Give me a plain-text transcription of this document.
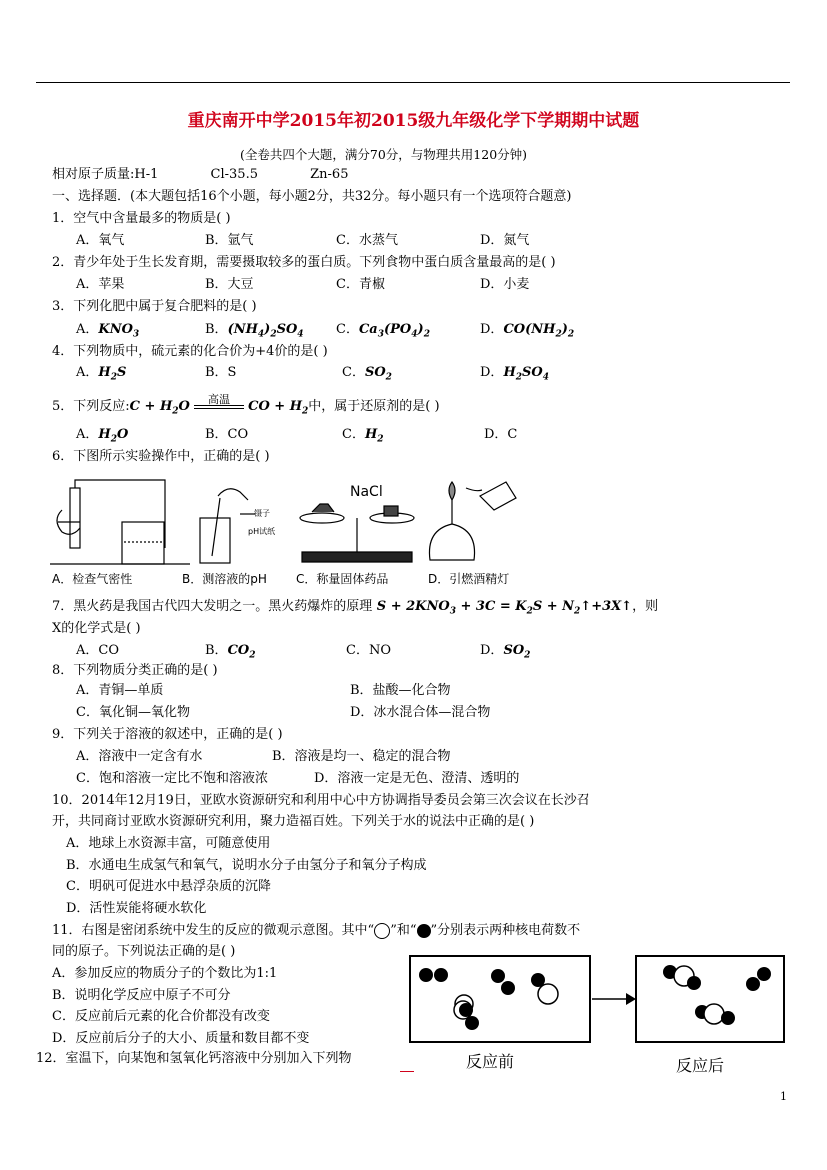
重庆南开中学2015年初2015级九年级化学下学期期中试题
(全卷共四个大题，满分70分，与物理共用120分钟)
相对原子质量:H-1	Cl-35.5	Zn-65
一、选择题．(本大题包括16个小题，每小题2分，共32分。每小题只有一个选项符合题意)
1．空气中含量最多的物质是( )
A．氧气	B．氩气	C．水蒸气	D．氮气
2．青少年处于生长发育期，需要摄取较多的蛋白质。下列食物中蛋白质含量最高的是( )
A．苹果	B．大豆	C．青椒	D．小麦
3．下列化肥中属于复合肥料的是( )
A．$KNO_3$	B．$(NH_4)_2SO_4$ C．$Ca_3(PO_4)_2$	D．$CO(NH_2)_2$
4．下列物质中，硫元素的化合价为+4价的是( )
A．$H_2S$	B．S	C．$SO_2$	D．$H_2SO_4$
5．下列反应:C + $H_2O$	高温	CO + $H_2$中，属于还原剂的是( )
A．$H_2O$	B．CO	C．$H_2$	D．C
6．下图所示实验操作中，正确的是( )
镊子
pH试纸
NaCl
A．检查气密性	B．测溶液的pH C．称量固体药品	D．引燃酒精灯
7．黑火药是我国古代四大发明之一。黑火药爆炸的原理 $S + 2KNO_3 + 3C = K_2S$ + $N_2↑+3X↑$，则
X的化学式是( )
A．CO	B．$CO_2$	C．NO	D．$SO_2$
8．下列物质分类正确的是( )
A．青铜—单质	B．盐酸—化合物
C．氧化铜—氧化物	D．冰水混合体—混合物
9．下列关于溶液的叙述中，正确的是( )
A．溶液中一定含有水	B．溶液是均一、稳定的混合物
C．饱和溶液一定比不饱和溶液浓	D．溶液一定是无色、澄清、透明的
10．2014年12月19日，亚欧水资源研究和利用中心中方协调指导委员会第三次会议在长沙召
开，共同商讨亚欧水资源研究利用，聚力造福百姓。下列关于水的说法中正确的是( )
A．地球上水资源丰富，可随意使用
B．水通电生成氢气和氧气，说明水分子由氢分子和氧分子构成
C．明矾可促进水中悬浮杂质的沉降
D．活性炭能将硬水软化
11．右图是密闭系统中发生的反应的微观示意图。其中“ ”和“ ”分别表示两种核电荷数不
同的原子。下列说法正确的是( )
A．参加反应的物质分子的个数比为1:1
B．说明化学反应中原子不可分
C．反应前后元素的化合价都没有改变
D．反应前后分子的大小、质量和数目都不变
反应前	反应后
12．室温下，向某饱和氢氧化钙溶液中分别加入下列物
1
